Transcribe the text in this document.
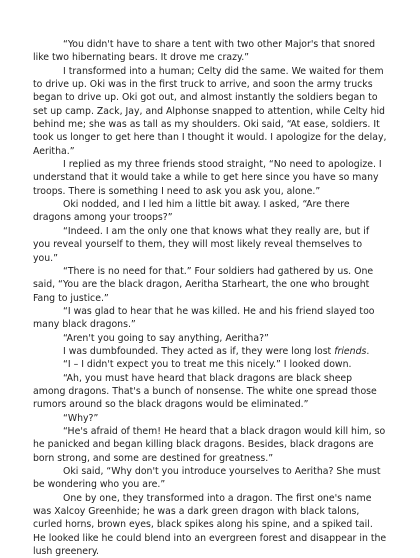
“You didn't have to share a tent with two other Major's that snored like two hibernating bears. It drove me crazy.”

I transformed into a human; Celty did the same. We waited for them to drive up. Oki was in the first truck to arrive, and soon the army trucks began to drive up. Oki got out, and almost instantly the soldiers began to set up camp. Zack, Jay, and Alphonse snapped to attention, while Celty hid behind me; she was as tall as my shoulders. Oki said, “At ease, soldiers. It took us longer to get here than I thought it would. I apologize for the delay, Aeritha.”

I replied as my three friends stood straight, “No need to apologize. I understand that it would take a while to get here since you have so many troops. There is something I need to ask you ask you, alone.”

Oki nodded, and I led him a little bit away. I asked, “Are there dragons among your troops?”

“Indeed. I am the only one that knows what they really are, but if you reveal yourself to them, they will most likely reveal themselves to you.”

“There is no need for that.” Four soldiers had gathered by us. One said, “You are the black dragon, Aeritha Starheart, the one who brought Fang to justice.”

“I was glad to hear that he was killed. He and his friend slayed too many black dragons.”

“Aren't you going to say anything, Aeritha?”

I was dumbfounded. They acted as if, they were long lost friends.

“I – I didn't expect you to treat me this nicely.” I looked down.

“Ah, you must have heard that black dragons are black sheep among dragons. That's a bunch of nonsense. The white one spread those rumors around so the black dragons would be eliminated.”

“Why?”

“He's afraid of them! He heard that a black dragon would kill him, so he panicked and began killing black dragons. Besides, black dragons are born strong, and some are destined for greatness.”

Oki said, “Why don't you introduce yourselves to Aeritha? She must be wondering who you are.”

One by one, they transformed into a dragon. The first one's name was Xalcoy Greenhide; he was a dark green dragon with black talons, curled horns, brown eyes, black spikes along his spine, and a spiked tail. He looked like he could blend into an evergreen forest and disappear in the lush greenery.
